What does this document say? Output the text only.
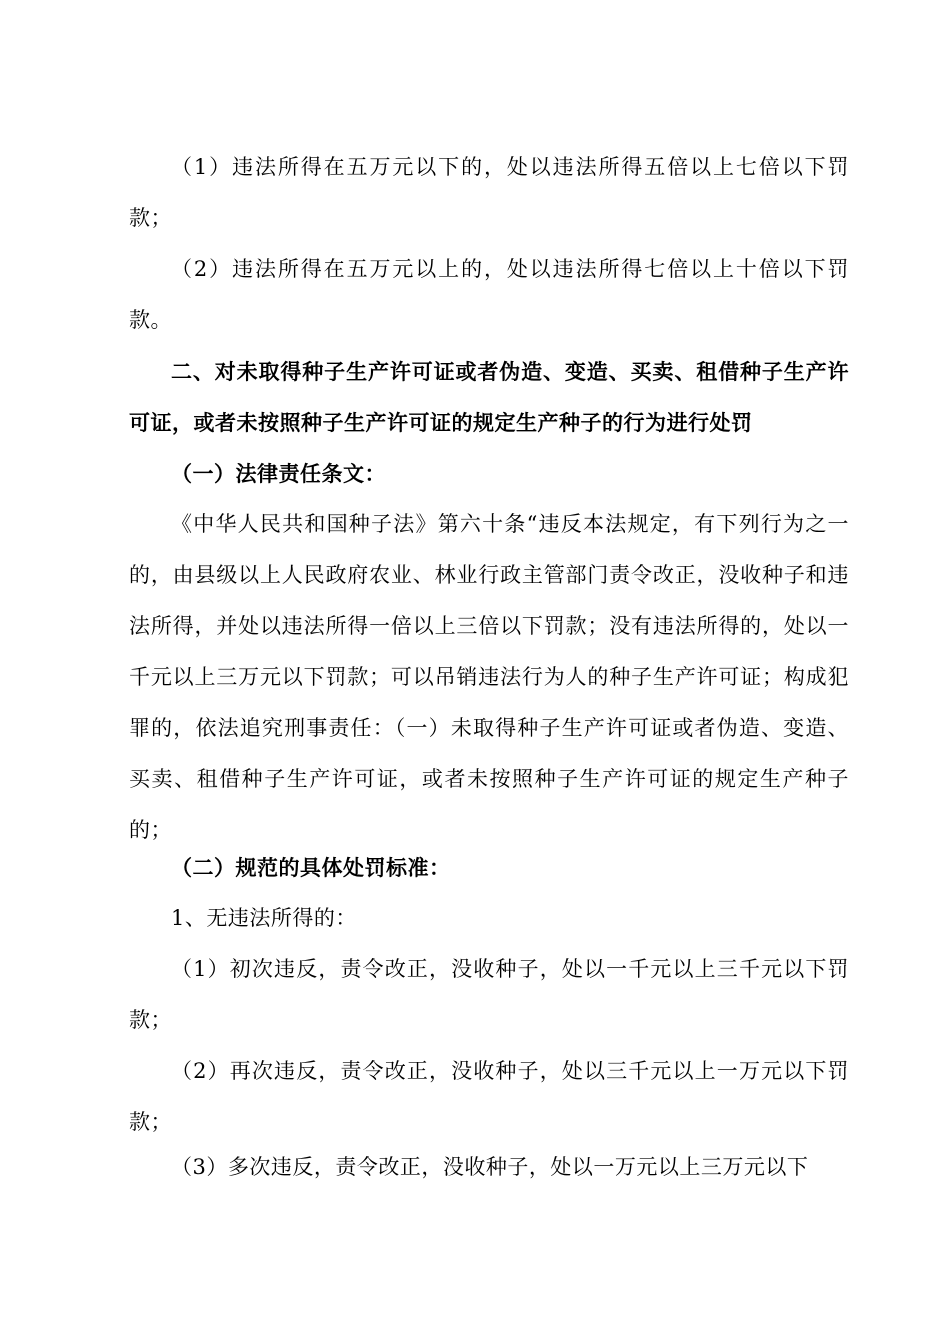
（1）违法所得在五万元以下的，处以违法所得五倍以上七倍以下罚款；

（2）违法所得在五万元以上的，处以违法所得七倍以上十倍以下罚款。

二、对未取得种子生产许可证或者伪造、变造、买卖、租借种子生产许可证，或者未按照种子生产许可证的规定生产种子的行为进行处罚

（一）法律责任条文：

《中华人民共和国种子法》第六十条“违反本法规定，有下列行为之一的，由县级以上人民政府农业、林业行政主管部门责令改正，没收种子和违法所得，并处以违法所得一倍以上三倍以下罚款；没有违法所得的，处以一千元以上三万元以下罚款；可以吊销违法行为人的种子生产许可证；构成犯罪的，依法追究刑事责任：（一）未取得种子生产许可证或者伪造、变造、买卖、租借种子生产许可证，或者未按照种子生产许可证的规定生产种子的；

（二）规范的具体处罚标准：

1、无违法所得的：

（1）初次违反，责令改正，没收种子，处以一千元以上三千元以下罚款；

（2）再次违反，责令改正，没收种子，处以三千元以上一万元以下罚款；

（3）多次违反，责令改正，没收种子，处以一万元以上三万元以下
